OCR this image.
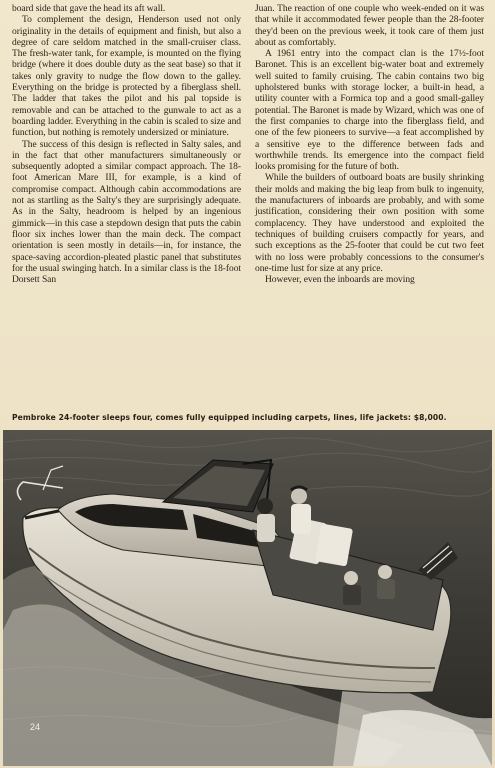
board side that gave the head its aft wall.

To complement the design, Henderson used not only originality in the details of equipment and finish, but also a degree of care seldom matched in the small-cruiser class. The fresh-water tank, for example, is mounted on the flying bridge (where it does double duty as the seat base) so that it takes only gravity to nudge the flow down to the galley. Everything on the bridge is protected by a fiberglass shell. The ladder that takes the pilot and his pal topside is removable and can be attached to the gunwale to act as a boarding ladder. Everything in the cabin is scaled to size and function, but nothing is remotely undersized or miniature.

The success of this design is reflected in Salty sales, and in the fact that other manufacturers simultaneously or subsequently adopted a similar compact approach. The 18-foot American Mare III, for example, is a kind of compromise compact. Although cabin accommodations are not as startling as the Salty's they are surprisingly adequate. As in the Salty, headroom is helped by an ingenious gimmick—in this case a stepdown design that puts the cabin floor six inches lower than the main deck. The compact orientation is seen mostly in details—in, for instance, the space-saving accordion-pleated plastic panel that substitutes for the usual swinging hatch. In a similar class is the 18-foot Dorsett San

Juan. The reaction of one couple who week-ended on it was that while it accommodated fewer people than the 28-footer they'd been on the previous week, it took care of them just about as comfortably.

A 1961 entry into the compact clan is the 17½-foot Baronet. This is an excellent big-water boat and extremely well suited to family cruising. The cabin contains two big upholstered bunks with storage locker, a built-in head, a utility counter with a Formica top and a good small-galley potential. The Baronet is made by Wizard, which was one of the first companies to charge into the fiberglass field, and one of the few pioneers to survive—a feat accomplished by a sensitive eye to the difference between fads and worthwhile trends. Its emergence into the compact field looks promising for the future of both.

While the builders of outboard boats are busily shrinking their molds and making the big leap from bulk to ingenuity, the manufacturers of inboards are probably, and with some justification, considering their own position with some complacency. They have understood and exploited the techniques of building cruisers compactly for years, and such exceptions as the 25-footer that could be cut two feet with no loss were probably concessions to the consumer's one-time lust for size at any price.

However, even the inboards are moving

Pembroke 24-footer sleeps four, comes fully equipped including carpets, lines, life jackets: $8,000.
24
